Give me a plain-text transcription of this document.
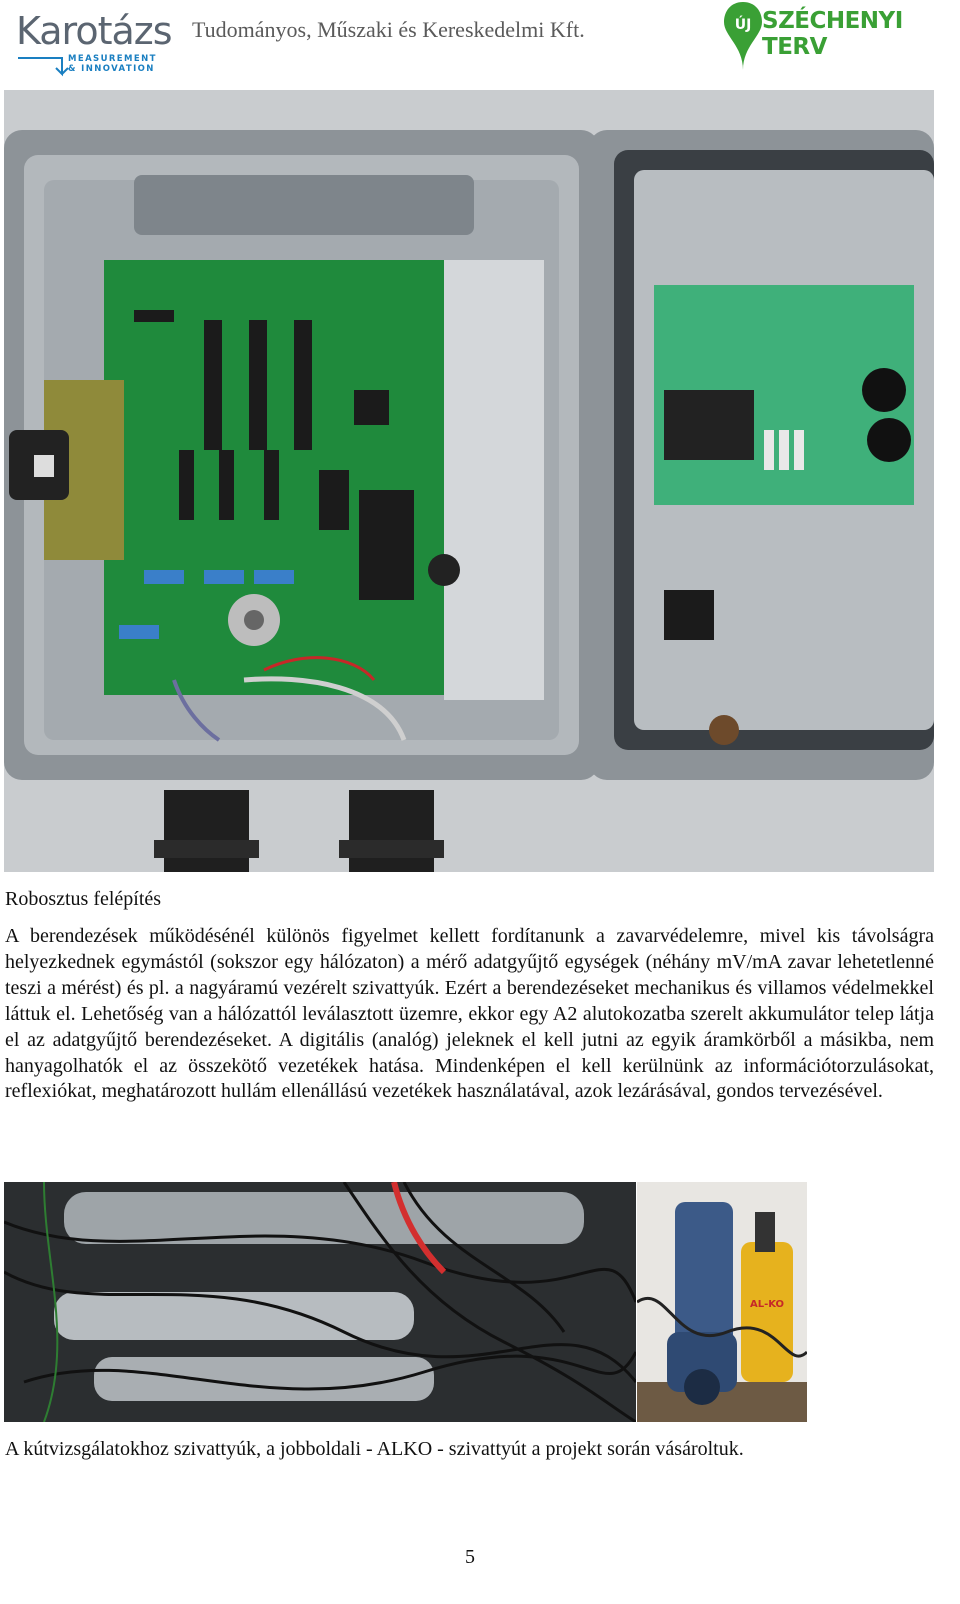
Karotázs
MEASUREMENT
& INNOVATION
Tudományos, Műszaki és Kereskedelmi Kft.	ÚJ SZÉCHENYI TERV
Robosztus felépítés
A berendezések működésénél különös figyelmet kellett fordítanunk a zavarvédelemre, mivel kis távolságra helyezkednek egymástól (sokszor egy hálózaton) a mérő adatgyűjtő egységek (néhány mV/mA zavar lehetetlenné teszi a mérést) és pl. a nagyáramú vezérelt szivattyúk. Ezért a berendezéseket mechanikus és villamos védelmekkel láttuk el. Lehetőség van a hálózattól leválasztott üzemre, ekkor egy A2 alutokozatba szerelt akkumulátor telep látja el az adatgyűjtő berendezéseket. A digitális (analóg) jeleknek el kell jutni az egyik áramkörből a másikba, nem hanyagolhatók el az összekötő vezetékek hatása. Mindenképen el kell kerülnünk az információtorzulásokat, reflexiókat, meghatározott hullám ellenállású vezetékek használatával, azok lezárásával, gondos tervezésével.
AL-KO
A kútvizsgálatokhoz szivattyúk, a jobboldali - ALKO - szivattyút a projekt során vásároltuk.
5
